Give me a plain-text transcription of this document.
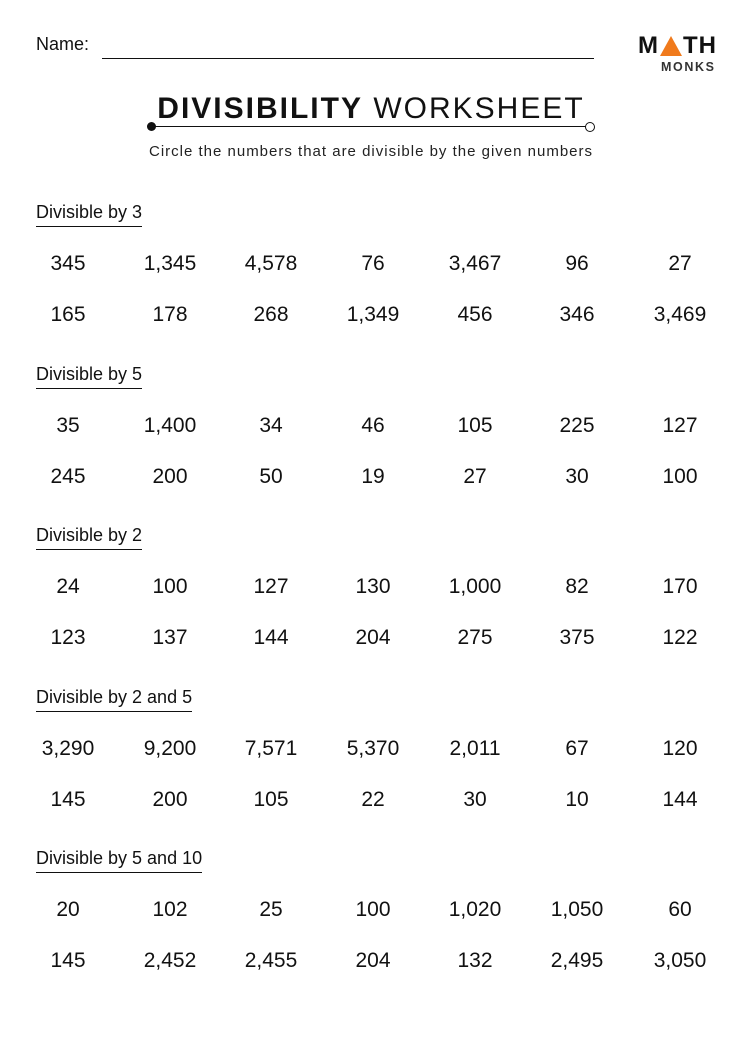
Name:	M TH
MONKS
DIVISIBILITY WORKSHEET
Circle the numbers that are divisible by the given numbers
Divisible by 3
345	1,345	4,578	76	3,467	96	27
165	178	268	1,349	456	346	3,469
Divisible by 5
35	1,400	34	46	105	225	127
245	200	50	19	27	30	100
Divisible by 2
24	100	127	130	1,000	82	170
123	137	144	204	275	375	122
Divisible by 2 and 5
3,290	9,200	7,571	5,370	2,011	67	120
145	200	105	22	30	10	144
Divisible by 5 and 10
20	102	25	100	1,020	1,050	60
145	2,452	2,455	204	132	2,495	3,050
